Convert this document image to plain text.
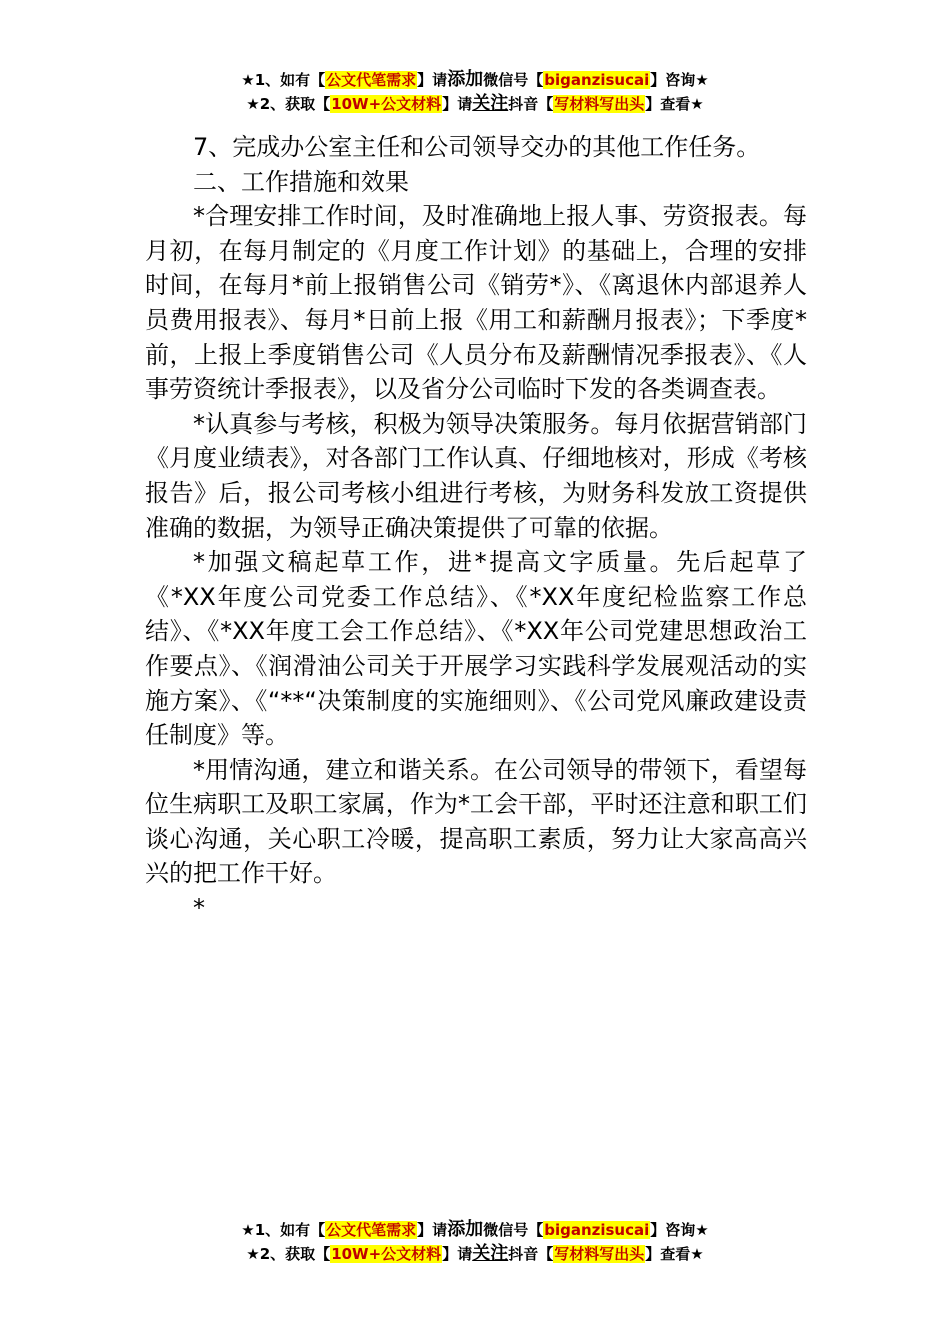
★1、如有【公文代笔需求】请添加微信号【biganzisucai】咨询★
★2、获取【10W+公文材料】请关注抖音【写材料写出头】查看★

7、完成办公室主任和公司领导交办的其他工作任务。

二、工作措施和效果

*合理安排工作时间，及时准确地上报人事、劳资报表。每月初，在每月制定的《月度工作计划》的基础上，合理的安排时间，在每月*前上报销售公司《销劳*》、《离退休内部退养人员费用报表》、每月*日前上报《用工和薪酬月报表》；下季度*前，上报上季度销售公司《人员分布及薪酬情况季报表》、《人事劳资统计季报表》，以及省分公司临时下发的各类调查表。

*认真参与考核，积极为领导决策服务。每月依据营销部门《月度业绩表》，对各部门工作认真、仔细地核对，形成《考核报告》后，报公司考核小组进行考核，为财务科发放工资提供准确的数据，为领导正确决策提供了可靠的依据。

*加强文稿起草工作，进*提高文字质量。先后起草了《*XX年度公司党委工作总结》、《*XX年度纪检监察工作总结》、《*XX年度工会工作总结》、《*XX年公司党建思想政治工作要点》、《润滑油公司关于开展学习实践科学发展观活动的实施方案》、《“**“决策制度的实施细则》、《公司党风廉政建设责任制度》等。

*用情沟通，建立和谐关系。在公司领导的带领下，看望每位生病职工及职工家属，作为*工会干部，平时还注意和职工们谈心沟通，关心职工冷暖，提高职工素质，努力让大家高高兴兴的把工作干好。

*

★1、如有【公文代笔需求】请添加微信号【biganzisucai】咨询★
★2、获取【10W+公文材料】请关注抖音【写材料写出头】查看★
